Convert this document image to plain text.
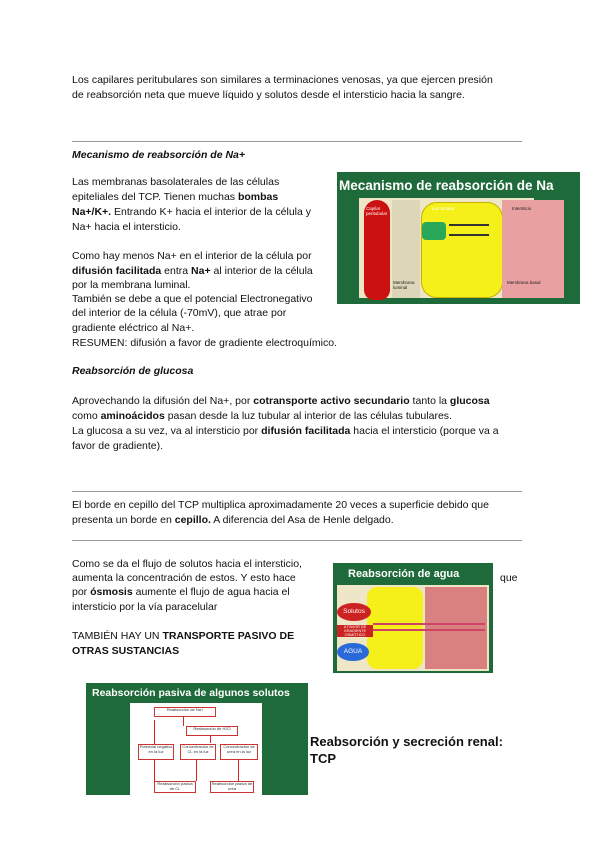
Los capilares peritubulares son similares a terminaciones venosas, ya que ejercen presión

de reabsorción neta que mueve líquido y solutos desde el intersticio hacia la sangre.

Mecanismo de reabsorción de Na+

Las membranas basolaterales de las células

epiteliales del TCP. Tienen muchas bombas

Na+/K+. Entrando K+ hacia el interior de la célula y

Na+ hacia el intersticio.

Como hay menos Na+ en el interior de la célula por

difusión facilitada entra Na+ al interior de la célula

por la membrana luminal.

También se debe a que el potencial Electronegativo

del interior de la célula (-70mV), que atrae por

gradiente eléctrico al Na+.

RESUMEN: difusión a favor de gradiente electroquímico.

Mecanismo de reabsorción de Na
Luz tubular	Intersticio
Capilar peritubular
Membrana luminal
Membrana basal

Reabsorción de glucosa

Aprovechando la difusión del Na+, por cotransporte activo secundario tanto la glucosa

como aminoácidos pasan desde la luz tubular al interior de las células tubulares.

La glucosa a su vez, va al intersticio por difusión facilitada hacia el intersticio (porque va a

favor de gradiente).

El borde en cepillo del TCP multiplica aproximadamente 20 veces a superficie debido que

presenta un borde en cepillo. A diferencia del Asa de Henle delgado.

Como se da el flujo de solutos hacia el intersticio,

aumenta la concentración de estos. Y esto hace	que

por ósmosis aumente el flujo de agua hacia el

intersticio por la vía paracelular

TAMBIÉN HAY UN TRANSPORTE PASIVO DE

OTRAS SUSTANCIAS

Reabsorción de agua
Solutos
A FAVOR DE GRADIENTE OSMÓTICO
AGUA
Reabsorción pasiva de algunos solutos
Reabsorción de Na+
Reabsorción de H2O
Potencial negativo en la luz
Concentración de Cl- en la luz
Concentración de urea en la luz
Reabsorción pasiva de Cl-
Reabsorción pasiva de urea
Reabsorción y secreción renal:
TCP
